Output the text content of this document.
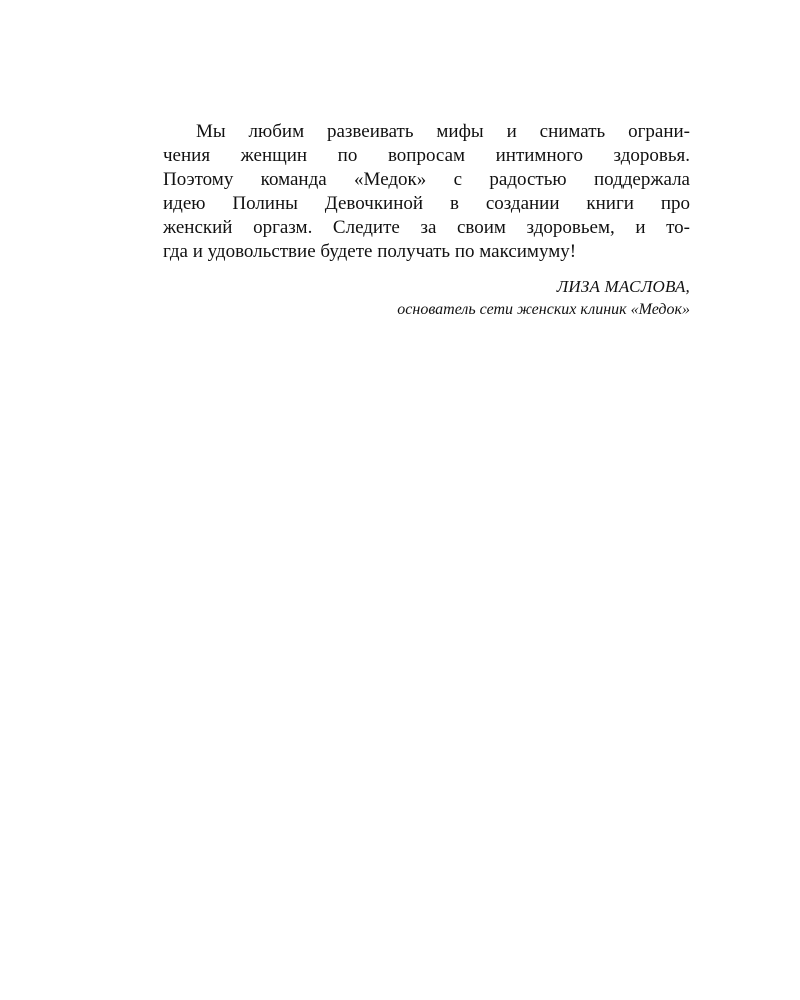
Мы любим развеивать мифы и снимать ограни-
чения женщин по вопросам интимного здоровья.
Поэтому команда «Медок» с радостью поддержала
идею Полины Девочкиной в создании книги про
женский оргазм. Следите за своим здоровьем, и то-
гда и удовольствие будете получать по максимуму!
ЛИЗА МАСЛОВА,
основатель сети женских клиник «Медок»
